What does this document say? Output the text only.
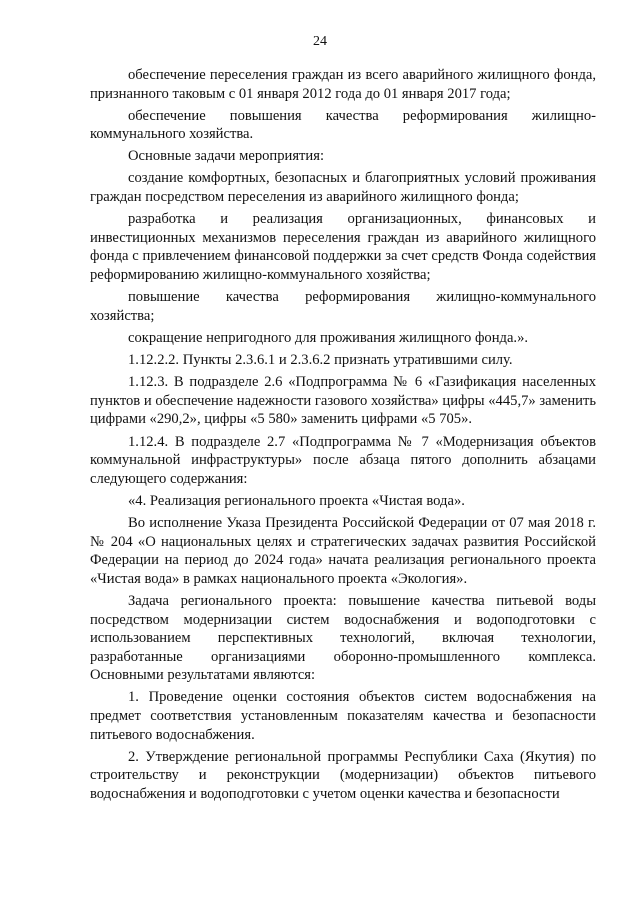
24

обеспечение переселения граждан из всего аварийного жилищного фонда, признанного таковым с 01 января 2012 года до 01 января 2017 года;

обеспечение повышения качества реформирования жилищно-коммунального хозяйства.

Основные задачи мероприятия:

создание комфортных, безопасных и благоприятных условий проживания граждан посредством переселения из аварийного жилищного фонда;

разработка и реализация организационных, финансовых и инвестиционных механизмов переселения граждан из аварийного жилищного фонда с привлечением финансовой поддержки за счет средств Фонда содействия реформированию жилищно-коммунального хозяйства;

повышение качества реформирования жилищно-коммунального хозяйства;

сокращение непригодного для проживания жилищного фонда.».

1.12.2.2. Пункты 2.3.6.1 и 2.3.6.2 признать утратившими силу.

1.12.3. В подразделе 2.6 «Подпрограмма № 6 «Газификация населенных пунктов и обеспечение надежности газового хозяйства» цифры «445,7» заменить цифрами «290,2», цифры «5 580» заменить цифрами «5 705».

1.12.4. В подразделе 2.7 «Подпрограмма № 7 «Модернизация объектов коммунальной инфраструктуры» после абзаца пятого дополнить абзацами следующего содержания:

«4. Реализация регионального проекта «Чистая вода».

Во исполнение Указа Президента Российской Федерации от 07 мая 2018 г. № 204 «О национальных целях и стратегических задачах развития Российской Федерации на период до 2024 года» начата реализация регионального проекта «Чистая вода» в рамках национального проекта «Экология».

Задача регионального проекта: повышение качества питьевой воды посредством модернизации систем водоснабжения и водоподготовки с использованием перспективных технологий, включая технологии, разработанные организациями оборонно-промышленного комплекса. Основными результатами являются:

1. Проведение оценки состояния объектов систем водоснабжения на предмет соответствия установленным показателям качества и безопасности питьевого водоснабжения.

2. Утверждение региональной программы Республики Саха (Якутия) по строительству и реконструкции (модернизации) объектов питьевого водоснабжения и водоподготовки с учетом оценки качества и безопасности
